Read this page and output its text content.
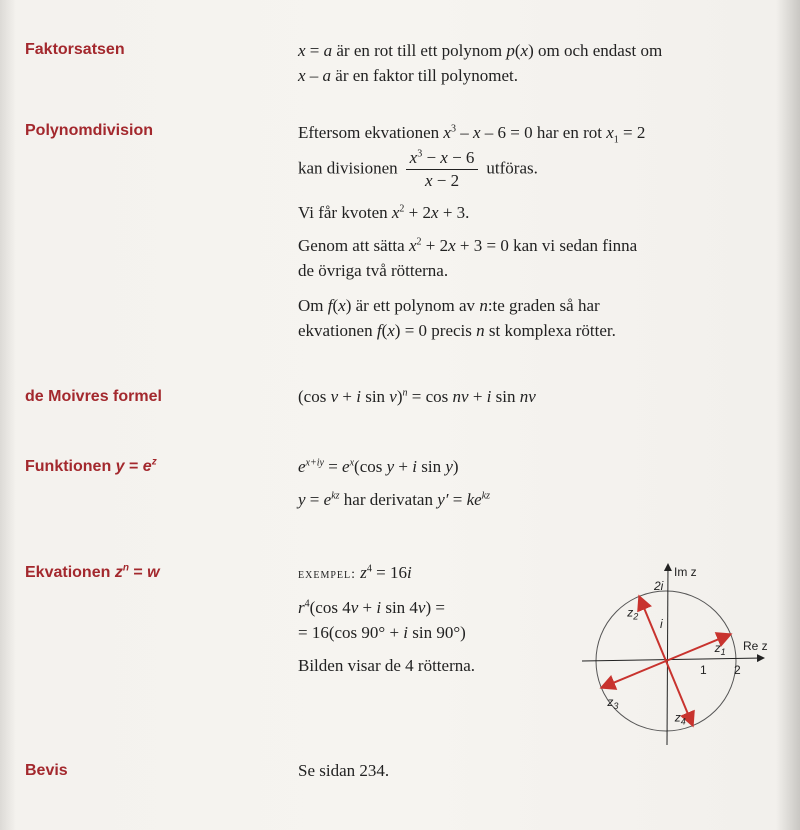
Faktorsatsen	x = a är en rot till ett polynom p(x) om och endast om

x – a är en faktor till polynomet.

Polynomdivision	Eftersom ekvationen $x^3 - x - 6 = 0$ har en rot $x_1 = 2$

kan divisionen $\frac{x^3 - x - 6}{x - 2}$ utföras.

Vi får kvoten $x^2 + 2x + 3$.

Genom att sätta $x^2 + 2x + 3 = 0$ kan vi sedan finna

de övriga två rötterna.

Om f(x) är ett polynom av n:te graden så har

ekvationen f(x) = 0 precis n st komplexa rötter.

de Moivres formel	(cos v + i sin v)$^n$ = cos nv + i sin nv
Funktionen $y = e^z$	$e^{x+iy} = e^x(\cos$ y + i sin y)

$y = e^{kz}$ har derivatan $y' = ke^{kz}$

Ekvationen $z^n = w$	exempel: $z^4 = 16i$

$r^4(\cos$ 4v + i sin 4v) =

= 16(cos 90° + i sin 90°)

Bilden visar de 4 rötterna.

Im z
Re z
1 2
i
2i
$z_1$
$z_2$
$z_3$
$z_4$
Bevis	Se sidan 234.
